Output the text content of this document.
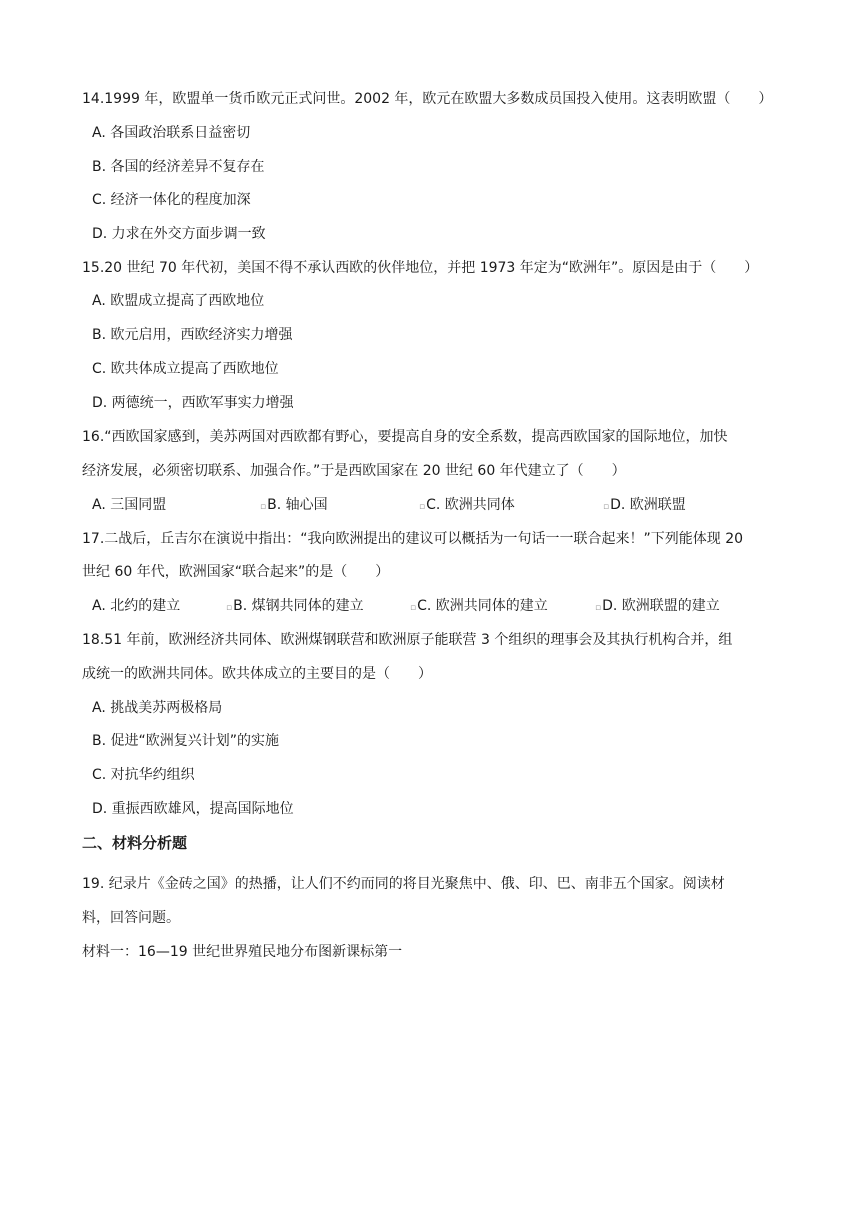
14.1999 年，欧盟单一货币欧元正式问世。2002 年，欧元在欧盟大多数成员国投入使用。这表明欧盟（　　）
A. 各国政治联系日益密切
B. 各国的经济差异不复存在
C. 经济一体化的程度加深
D. 力求在外交方面步调一致
15.20 世纪 70 年代初，美国不得不承认西欧的伙伴地位，并把 1973 年定为“欧洲年”。原因是由于（　　）
A. 欧盟成立提高了西欧地位
B. 欧元启用，西欧经济实力增强
C. 欧共体成立提高了西欧地位
D. 两德统一，西欧军事实力增强
16.“西欧国家感到，美苏两国对西欧都有野心，要提高自身的安全系数，提高西欧国家的国际地位，加快
经济发展，必须密切联系、加强合作。”于是西欧国家在 20 世纪 60 年代建立了（　　）
A. 三国同盟	▫B. 轴心国	▫C. 欧洲共同体	▫D. 欧洲联盟
17.二战后，丘吉尔在演说中指出：“我向欧洲提出的建议可以概括为一句话一一联合起来！”下列能体现 20
世纪 60 年代，欧洲国家“联合起来”的是（　　）
A. 北约的建立	▫B. 煤钢共同体的建立	▫C. 欧洲共同体的建立	▫D. 欧洲联盟的建立
18.51 年前，欧洲经济共同体、欧洲煤钢联营和欧洲原子能联营 3 个组织的理事会及其执行机构合并，组
成统一的欧洲共同体。欧共体成立的主要目的是（　　）
A. 挑战美苏两极格局
B. 促进“欧洲复兴计划”的实施
C. 对抗华约组织
D. 重振西欧雄风，提高国际地位
二、材料分析题
19. 纪录片《金砖之国》的热播，让人们不约而同的将目光聚焦中、俄、印、巴、南非五个国家。阅读材
料，回答问题。
材料一：16—19 世纪世界殖民地分布图新课标第一
